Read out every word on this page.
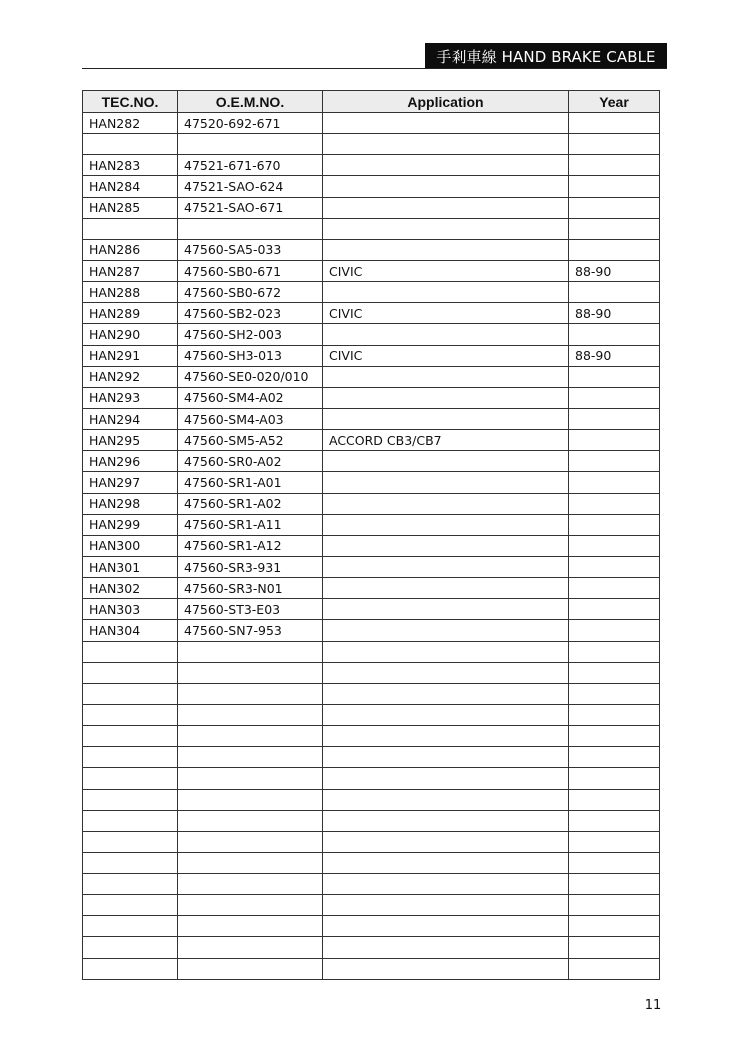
手剎車線 HAND BRAKE CABLE
TEC.NO.	O.E.M.NO.	Application	Year
HAN282	47520-692-671		

HAN283	47521-671-670		
HAN284	47521-SAO-624		
HAN285	47521-SAO-671		

HAN286	47560-SA5-033		
HAN287	47560-SB0-671	CIVIC	88-90
HAN288	47560-SB0-672		
HAN289	47560-SB2-023	CIVIC	88-90
HAN290	47560-SH2-003		
HAN291	47560-SH3-013	CIVIC	88-90
HAN292	47560-SE0-020/010		
HAN293	47560-SM4-A02		
HAN294	47560-SM4-A03		
HAN295	47560-SM5-A52	ACCORD CB3/CB7	
HAN296	47560-SR0-A02		
HAN297	47560-SR1-A01		
HAN298	47560-SR1-A02		
HAN299	47560-SR1-A11		
HAN300	47560-SR1-A12		
HAN301	47560-SR3-931		
HAN302	47560-SR3-N01		
HAN303	47560-ST3-E03		
HAN304	47560-SN7-953		

11
